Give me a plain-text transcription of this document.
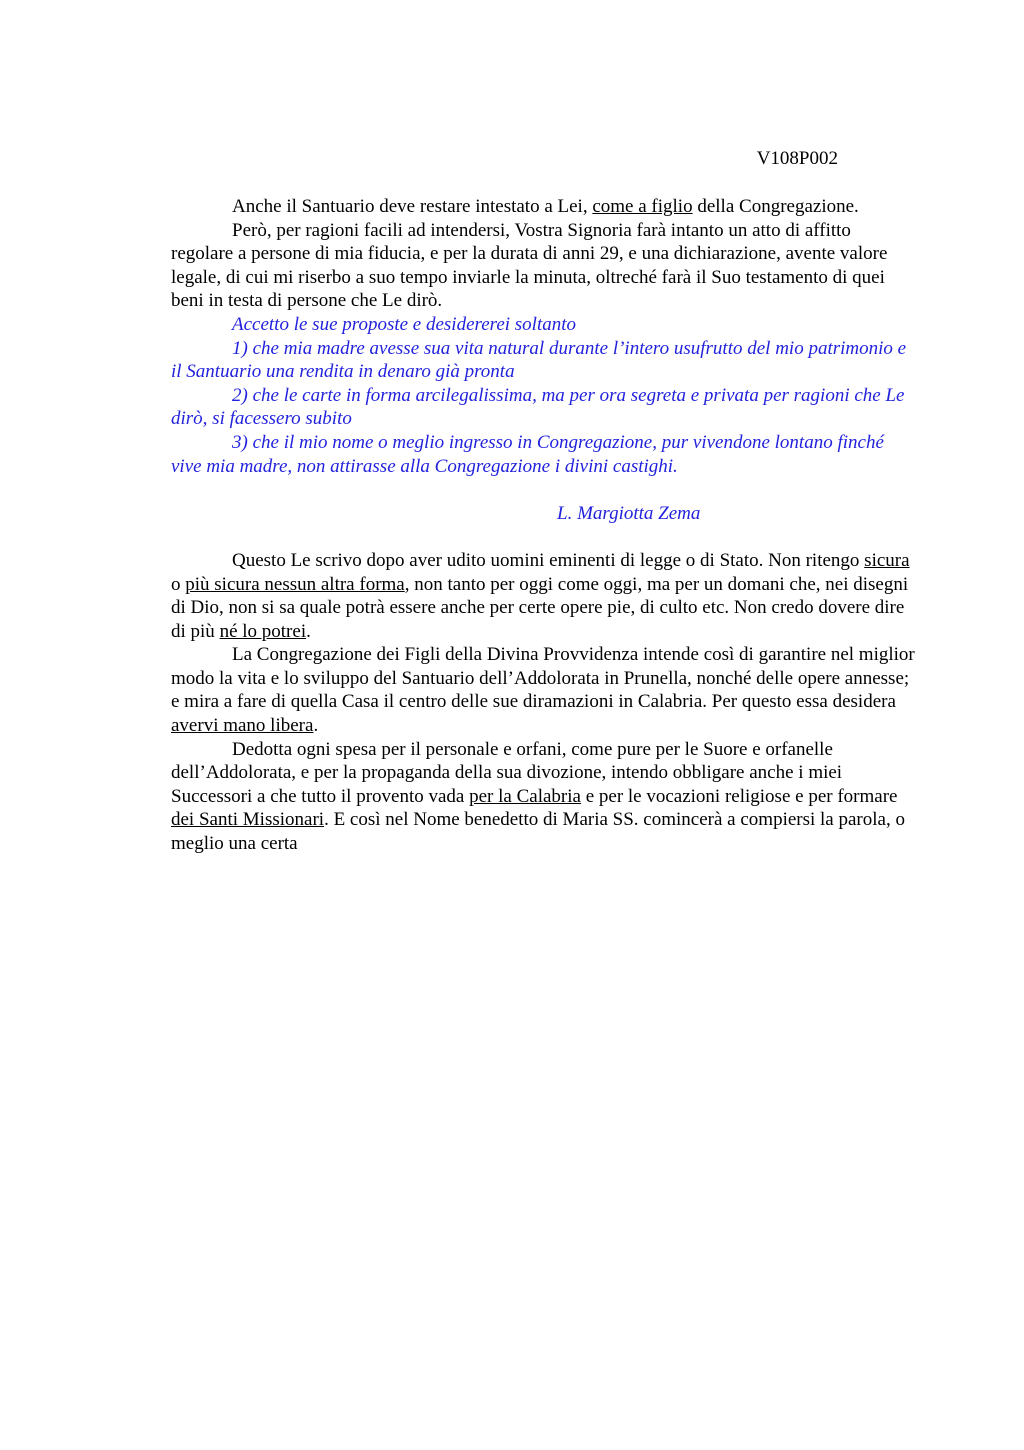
V108P002

Anche il Santuario deve restare intestato a Lei, come a figlio della Congregazione.

Però, per ragioni facili ad intendersi, Vostra Signoria farà intanto un atto di affitto regolare a persone di mia fiducia, e per la durata di anni 29, e una dichiarazione, avente valore legale, di cui mi riserbo a suo tempo inviarle la minuta, oltreché farà il Suo testamento di quei beni in testa di persone che Le dirò.

Accetto le sue proposte e desidererei soltanto

1) che mia madre avesse sua vita natural durante l’intero usufrutto del mio patrimonio e il Santuario una rendita in denaro già pronta

2) che le carte in forma arcilegalissima, ma per ora segreta e privata per ragioni che Le dirò, si facessero subito

3) che il mio nome o meglio ingresso in Congregazione, pur vivendone lontano finché vive mia madre, non attirasse alla Congregazione i divini castighi.

L. Margiotta Zema

Questo Le scrivo dopo aver udito uomini eminenti di legge o di Stato. Non ritengo sicura o più sicura nessun altra forma, non tanto per oggi come oggi, ma per un domani che, nei disegni di Dio, non si sa quale potrà essere anche per certe opere pie, di culto etc. Non credo dovere dire di più né lo potrei.

La Congregazione dei Figli della Divina Provvidenza intende così di garantire nel miglior modo la vita e lo sviluppo del Santuario dell’Addolorata in Prunella, nonché delle opere annesse; e mira a fare di quella Casa il centro delle sue diramazioni in Calabria. Per questo essa desidera avervi mano libera.

Dedotta ogni spesa per il personale e orfani, come pure per le Suore e orfanelle dell’Addolorata, e per la propaganda della sua divozione, intendo obbligare anche i miei Successori a che tutto il provento vada per la Calabria e per le vocazioni religiose e per formare dei Santi Missionari. E così nel Nome benedetto di Maria SS. comincerà a compiersi la parola, o meglio una certa
